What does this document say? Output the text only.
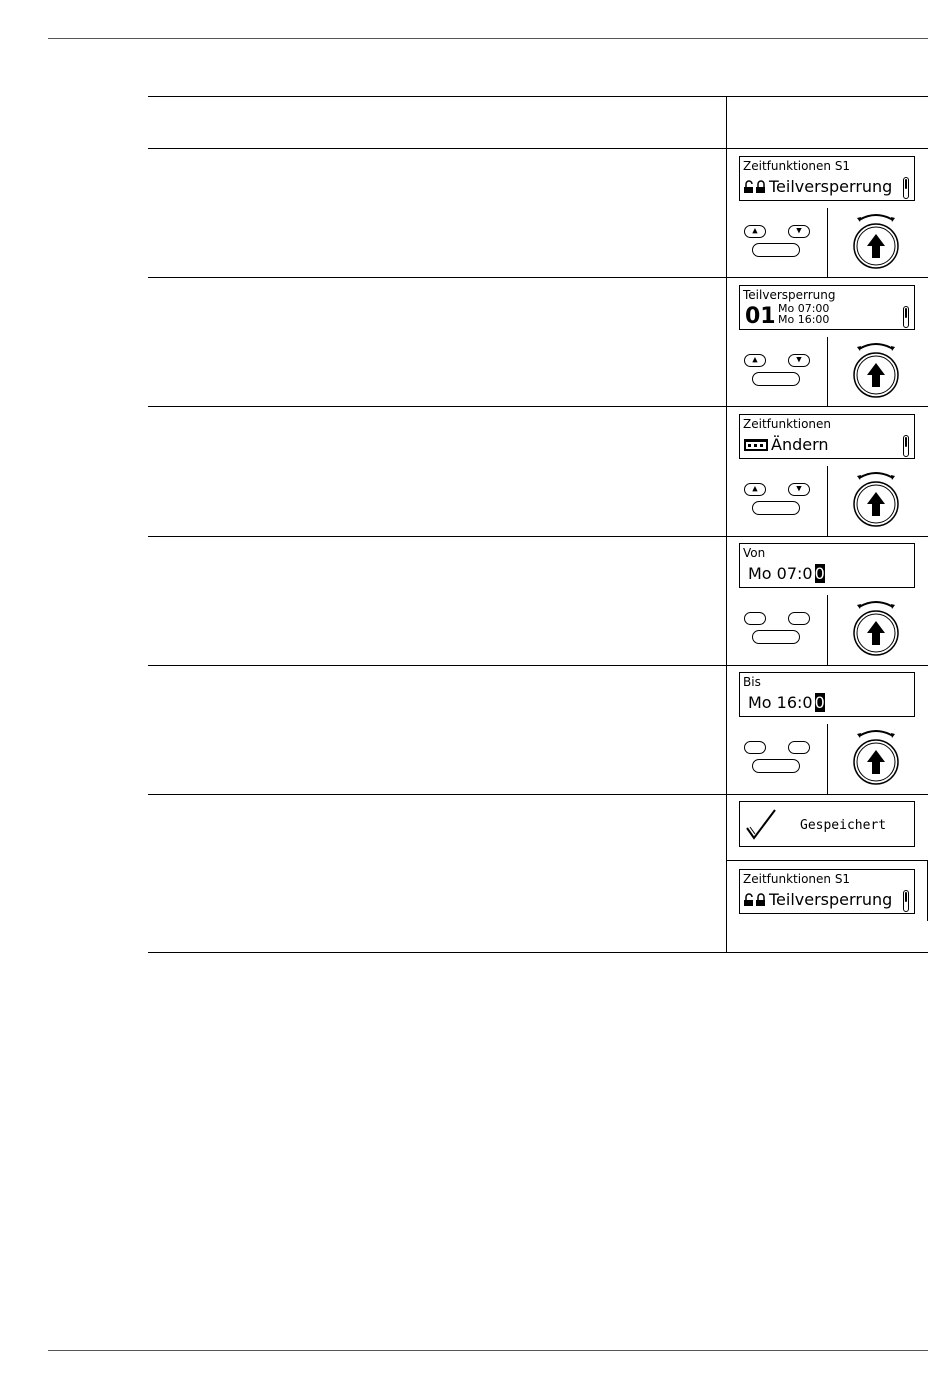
Zeitfunktionen S1
Teilversperrung
▲	▼
Teilversperrung
01 Mo 07:00
Mo 16:00
▲	▼
Zeitfunktionen
Ändern
▲	▼
Von
Mo 07:0 0
Bis
Mo 16:0 0
Gespeichert
Zeitfunktionen S1
Teilversperrung
